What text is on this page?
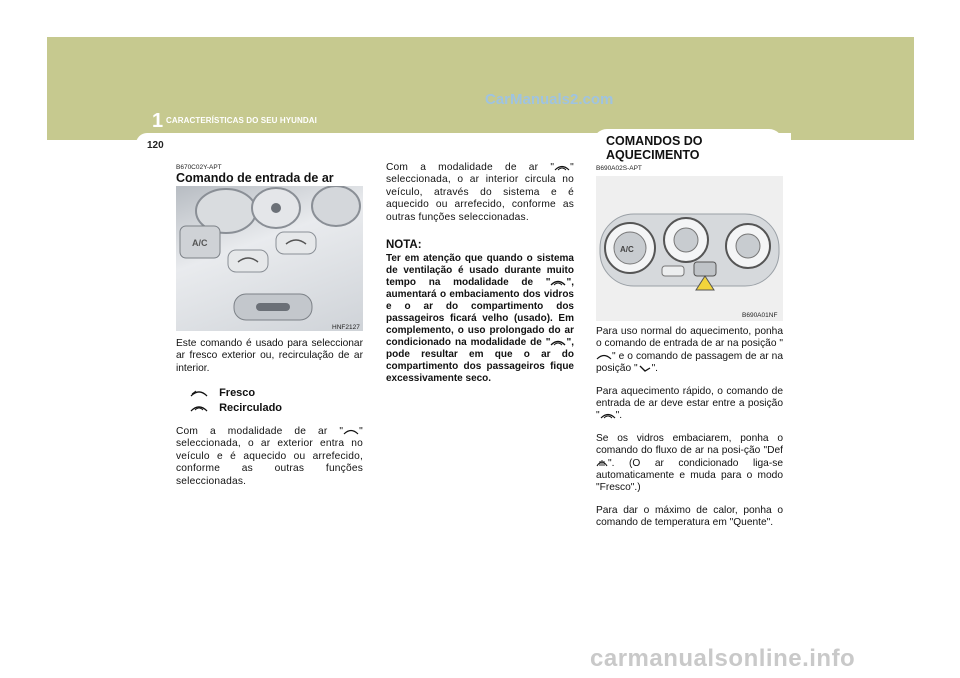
1 CARACTERÍSTICAS DO SEU HYUNDAI
CarManuals2.com
120	COMANDOS DO AQUECIMENTO
B670C02Y-APT
Comando de entrada de ar
A/C
HNF2127
Este comando é usado para seleccionar ar fresco exterior ou, recirculação de ar interior.
Fresco
Recirculado
Com a modalidade de ar " " seleccionada, o ar exterior entra no veículo e é aquecido ou arrefecido, conforme as outras funções seleccionadas.
Com a modalidade de ar " " seleccionada, o ar interior circula no veículo, através do sistema e é aquecido ou arrefecido, conforme as outras funções seleccionadas.
NOTA:
Ter em atenção que quando o sistema de ventilação é usado durante muito tempo na modalidade de " ", aumentará o embaciamento dos vidros e o ar do compartimento dos passageiros ficará velho (usado). Em complemento, o uso prolongado do ar condicionado na modalidade de " ", pode resultar em que o ar do compartimento dos passageiros fique excessivamente seco.
B690A02S-APT
A/C
B690A01NF

Para uso normal do aquecimento, ponha o comando de entrada de ar na posição "" e o comando de passagem de ar na posição " ".

Para aquecimento rápido, o comando de entrada de ar deve estar entre a posição " ".

Se os vidros embaciarem, ponha o comando do fluxo de ar na posi-ção "Def ". (O ar condicionado liga-se automaticamente e muda para o modo "Fresco".)

Para dar o máximo de calor, ponha o comando de temperatura em "Quente".

carmanualsonline.info
